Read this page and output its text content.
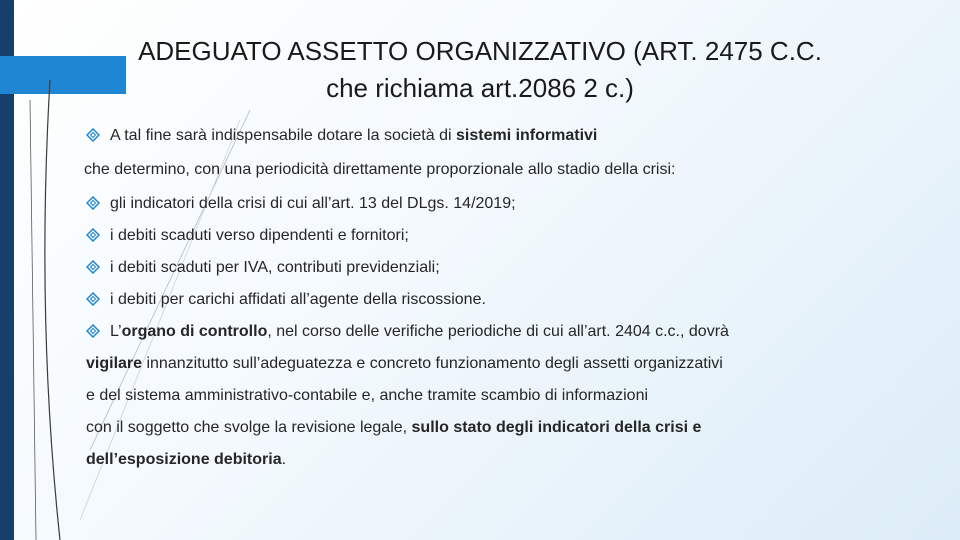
ADEGUATO ASSETTO ORGANIZZATIVO (ART. 2475 C.C.
che richiama art.2086 2 c.)
A tal fine sarà indispensabile dotare la società di sistemi informativi
che determino, con una periodicità direttamente proporzionale allo stadio della crisi:
gli indicatori della crisi di cui all’art. 13 del DLgs. 14/2019;
i debiti scaduti verso dipendenti e fornitori;
i debiti scaduti per IVA, contributi previdenziali;
i debiti per carichi affidati all’agente della riscossione.
L’organo di controllo, nel corso delle verifiche periodiche di cui all’art. 2404 c.c., dovrà
vigilare innanzitutto sull’adeguatezza e concreto funzionamento degli assetti organizzativi
e del sistema amministrativo-contabile e, anche tramite scambio di informazioni
con il soggetto che svolge la revisione legale, sullo stato degli indicatori della crisi e
dell’esposizione debitoria.
